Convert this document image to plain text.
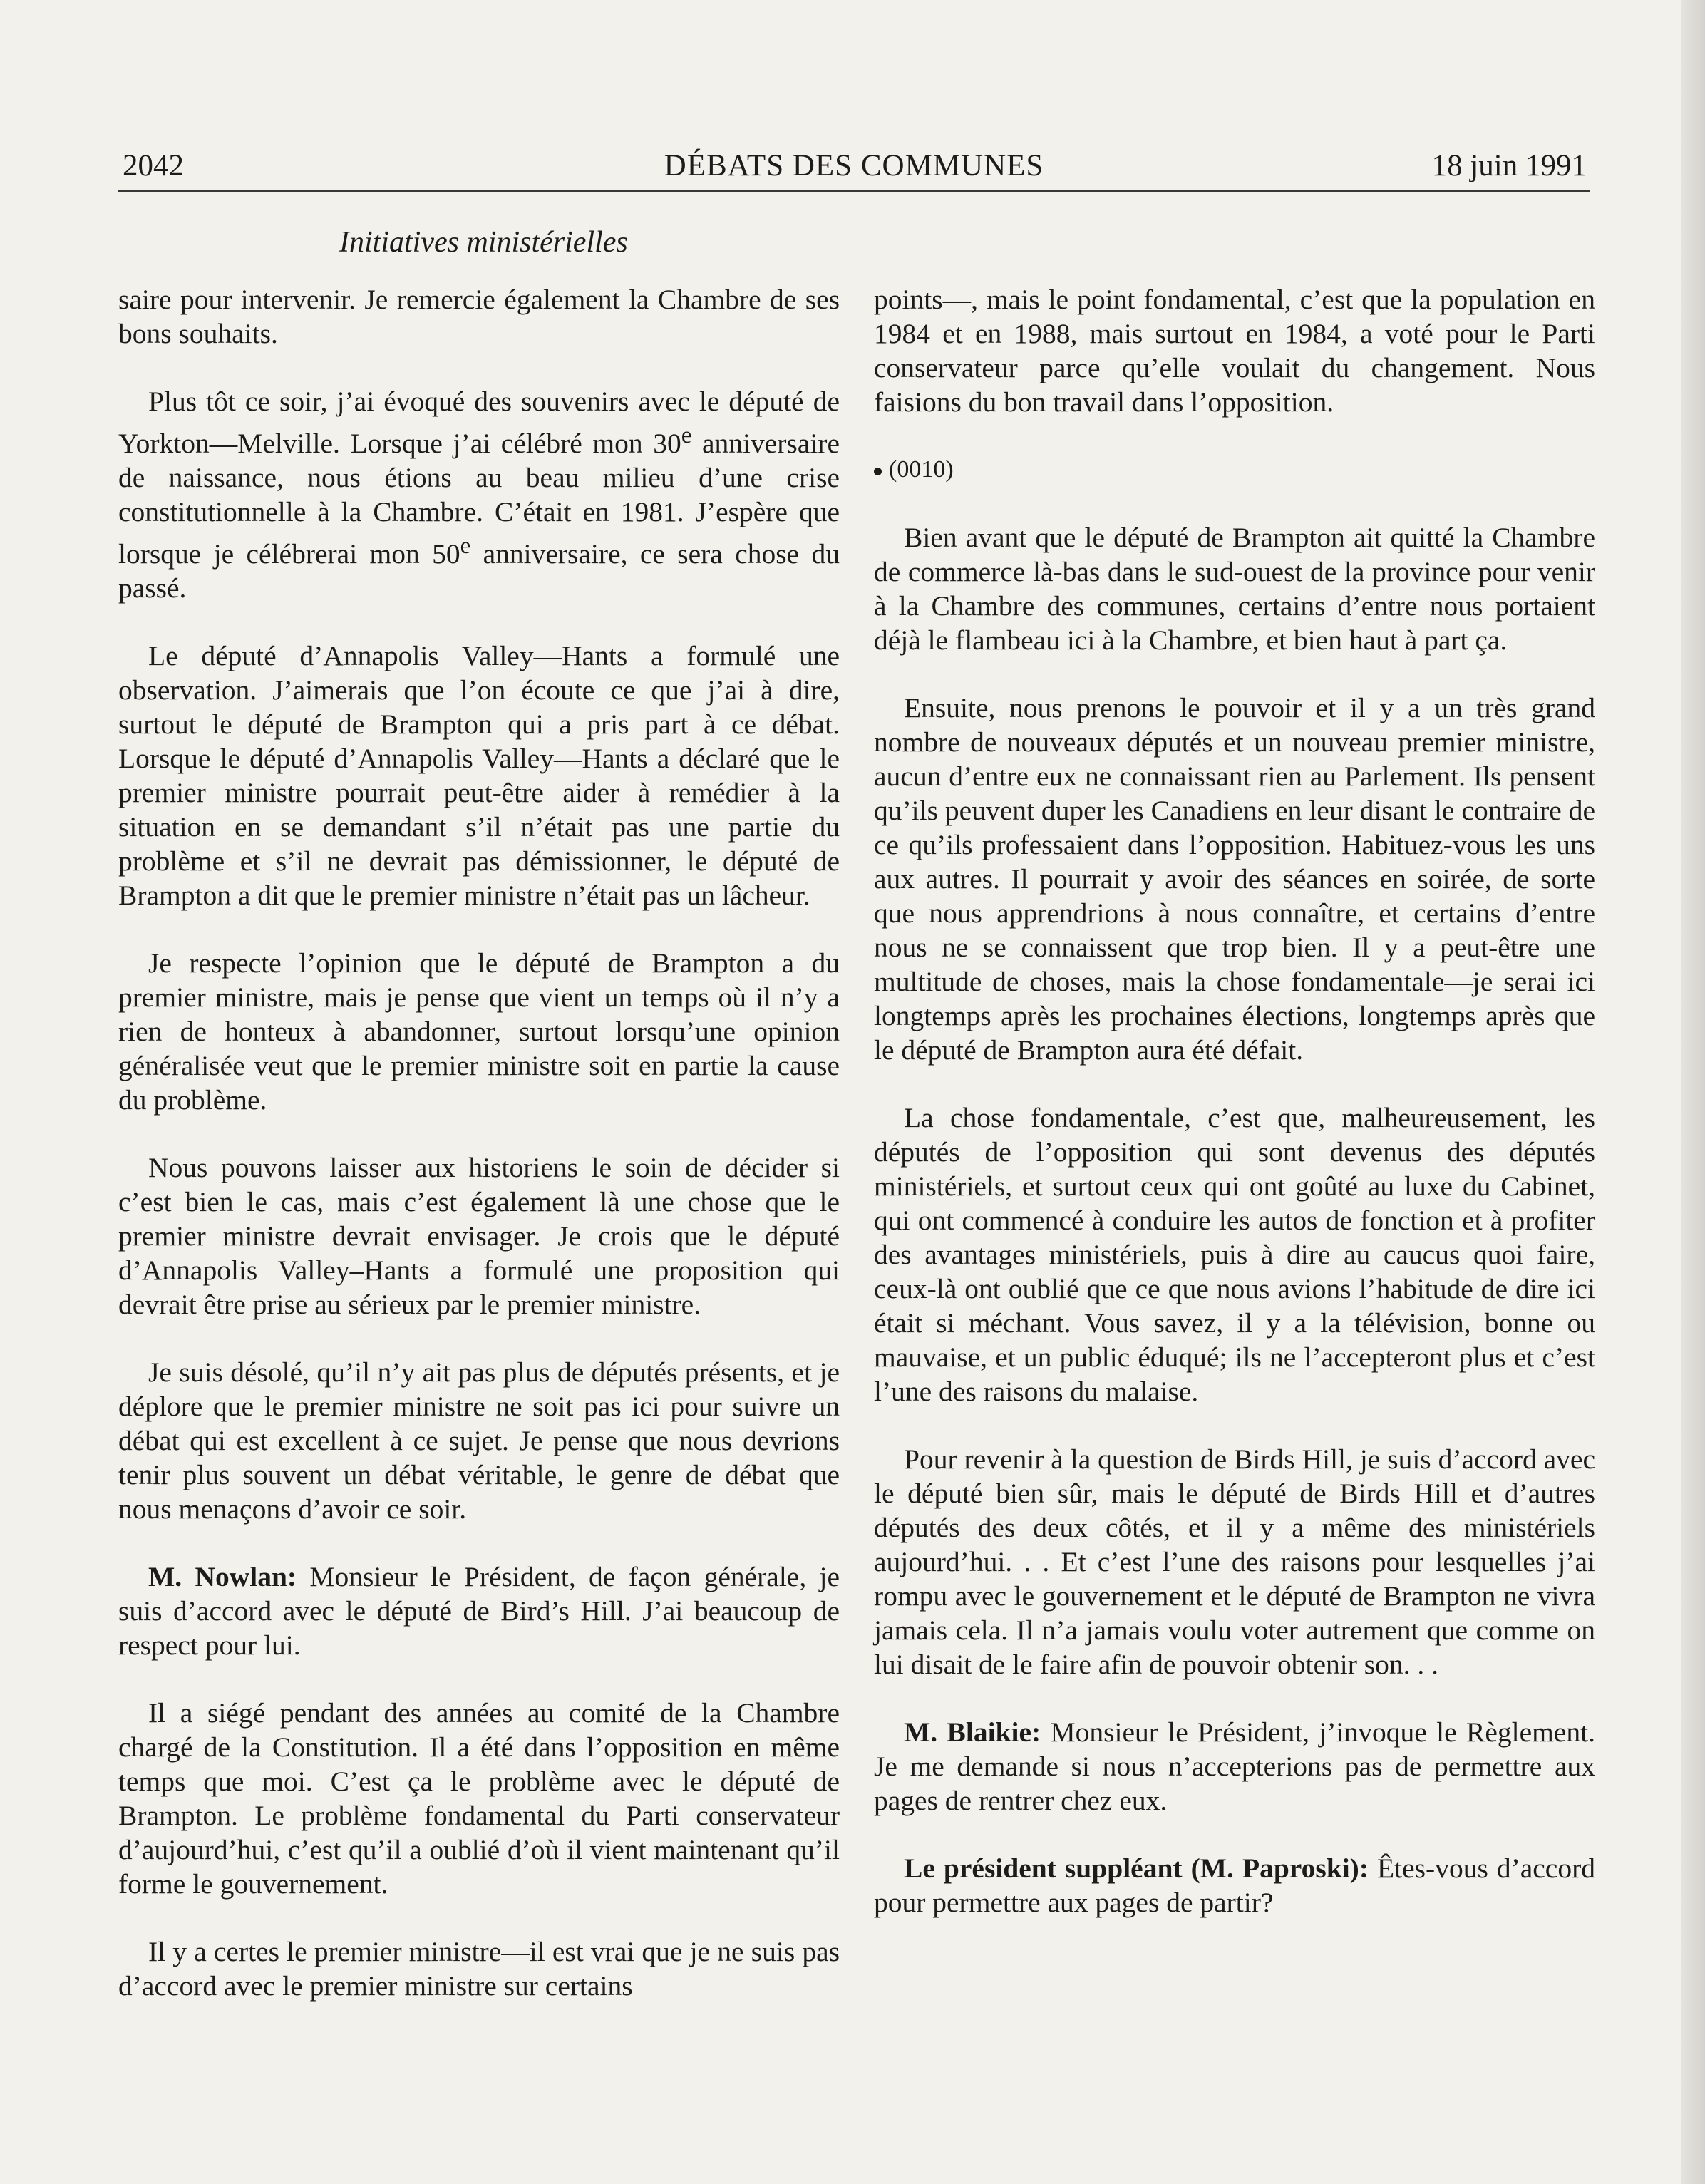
2042	DÉBATS DES COMMUNES	18 juin 1991
Initiatives ministérielles

saire pour intervenir. Je remercie également la Chambre de ses bons souhaits.

Plus tôt ce soir, j’ai évoqué des souvenirs avec le député de Yorkton—Melville. Lorsque j’ai célébré mon 30e anniversaire de naissance, nous étions au beau milieu d’une crise constitutionnelle à la Chambre. C’était en 1981. J’espère que lorsque je célébrerai mon 50e anniversaire, ce sera chose du passé.

Le député d’Annapolis Valley—Hants a formulé une observation. J’aimerais que l’on écoute ce que j’ai à dire, surtout le député de Brampton qui a pris part à ce débat. Lorsque le député d’Annapolis Valley—Hants a déclaré que le premier ministre pourrait peut-être aider à remédier à la situation en se demandant s’il n’était pas une partie du problème et s’il ne devrait pas démissionner, le député de Brampton a dit que le premier ministre n’était pas un lâcheur.

Je respecte l’opinion que le député de Brampton a du premier ministre, mais je pense que vient un temps où il n’y a rien de honteux à abandonner, surtout lorsqu’une opinion généralisée veut que le premier ministre soit en partie la cause du problème.

Nous pouvons laisser aux historiens le soin de décider si c’est bien le cas, mais c’est également là une chose que le premier ministre devrait envisager. Je crois que le député d’Annapolis Valley–Hants a formulé une proposition qui devrait être prise au sérieux par le premier ministre.

Je suis désolé, qu’il n’y ait pas plus de députés présents, et je déplore que le premier ministre ne soit pas ici pour suivre un débat qui est excellent à ce sujet. Je pense que nous devrions tenir plus souvent un débat véritable, le genre de débat que nous menaçons d’avoir ce soir.

M. Nowlan: Monsieur le Président, de façon générale, je suis d’accord avec le député de Bird’s Hill. J’ai beaucoup de respect pour lui.

Il a siégé pendant des années au comité de la Chambre chargé de la Constitution. Il a été dans l’opposition en même temps que moi. C’est ça le problème avec le député de Brampton. Le problème fondamental du Parti conservateur d’aujourd’hui, c’est qu’il a oublié d’où il vient maintenant qu’il forme le gouvernement.

Il y a certes le premier ministre—il est vrai que je ne suis pas d’accord avec le premier ministre sur certains

points—, mais le point fondamental, c’est que la population en 1984 et en 1988, mais surtout en 1984, a voté pour le Parti conservateur parce qu’elle voulait du changement. Nous faisions du bon travail dans l’opposition.

(0010)

Bien avant que le député de Brampton ait quitté la Chambre de commerce là-bas dans le sud-ouest de la province pour venir à la Chambre des communes, certains d’entre nous portaient déjà le flambeau ici à la Chambre, et bien haut à part ça.

Ensuite, nous prenons le pouvoir et il y a un très grand nombre de nouveaux députés et un nouveau premier ministre, aucun d’entre eux ne connaissant rien au Parlement. Ils pensent qu’ils peuvent duper les Canadiens en leur disant le contraire de ce qu’ils professaient dans l’opposition. Habituez-vous les uns aux autres. Il pourrait y avoir des séances en soirée, de sorte que nous apprendrions à nous connaître, et certains d’entre nous ne se connaissent que trop bien. Il y a peut-être une multitude de choses, mais la chose fondamentale—je serai ici longtemps après les prochaines élections, longtemps après que le député de Brampton aura été défait.

La chose fondamentale, c’est que, malheureusement, les députés de l’opposition qui sont devenus des députés ministériels, et surtout ceux qui ont goûté au luxe du Cabinet, qui ont commencé à conduire les autos de fonction et à profiter des avantages ministériels, puis à dire au caucus quoi faire, ceux-là ont oublié que ce que nous avions l’habitude de dire ici était si méchant. Vous savez, il y a la télévision, bonne ou mauvaise, et un public éduqué; ils ne l’accepteront plus et c’est l’une des raisons du malaise.

Pour revenir à la question de Birds Hill, je suis d’accord avec le député bien sûr, mais le député de Birds Hill et d’autres députés des deux côtés, et il y a même des ministériels aujourd’hui. . . Et c’est l’une des raisons pour lesquelles j’ai rompu avec le gouvernement et le député de Brampton ne vivra jamais cela. Il n’a jamais voulu voter autrement que comme on lui disait de le faire afin de pouvoir obtenir son. . .

M. Blaikie: Monsieur le Président, j’invoque le Règlement. Je me demande si nous n’accepterions pas de permettre aux pages de rentrer chez eux.

Le président suppléant (M. Paproski): Êtes-vous d’accord pour permettre aux pages de partir?
